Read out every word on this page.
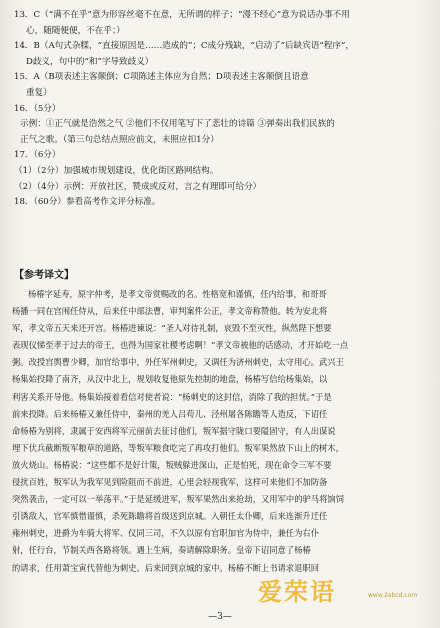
13．C（“满不在乎”意为形容丝毫不在意，无所谓的样子；“漫不经心”意为说话办事不用
心，随随便便，不在乎；）
14．B（A句式杂糅，“直接原因是……造成的”；C成分残缺，“启动了”后缺宾语“程序”，
D歧义，句中的“和”字导致歧义）
15．A（B项表述主客颠倒；C项陈述主体应为自然；D项表述主客颠倒且语意
重复）
16．（5分）
示例：①正气就是浩然之气 ②他们不仅用笔写下了悲壮的诗篇 ③弹奏出我们民族的
正气之歌。（第三句总结点照应前文，未照应扣1分）
17．（6分）
（1）（2分）加强城市规划建设，优化街区路网结构。
（2）（4分）示例：开放社区，赞成或反对，言之有理即可给分）
18．（60分）参看高考作文评分标准。
【参考译文】
杨椿字延寿，原字仲考，是孝文帝赏赐改的名。性格宽和谨慎，任内给事，和哥哥
杨播一同在宫闱任侍从，后来任中部法曹，审判案件公正，孝文帝称赞他。转为安北将
军，孝文帝五天来还开宫。杨椿进谏说：“圣人对待礼制，哀毁不至灭性，纵然陛下想要
表现仪悌至孝于过去的帝王，也得为国家社稷考虑啊！”孝文帝被他的话感动，才开始吃一点
粥。改授宫舆曹少卿，加官给事中，外任军州刺史，又调任为济州刺史，太守用心。武兴王
杨集始投降了南齐，从汉中北上，规划收复他原先控制的地盘，杨椿写信给杨集始，以
利害关系开导他。杨集始接着看信对使者说：“杨刺史的这封信，消除了我的担忧。”于是
前来投降。后来杨椿又兼任侍中，秦州的羌人吕苟儿、泾州屠各陈瞻等人造反，下诏任
命杨椿为别将，隶属于安西将军元丽前去征讨他们，叛军据守陇口要隘固守，有人出谋说
埋下伏兵截断叛军粮草的道路，等叛军粮食吃完了再攻打他们。叛军果然放下山上的树木，
放火烧山。杨椿说：“这些都不是好计策，叛贼躲进深山，正是怕死，现在命令三军不要
侵扰百姓，叛军认为我军见到险阻而不前进，心里会轻视我军，这样可来他们不加防备
突然袭击，一定可以一举荡平。”于是延缓进军，叛军果然出来抢劫，又用军中的驴马将饷饲
引诱敌人，官军慎惜谨慎，杀死陈瞻将首级送到京城。入朝任太仆卿，后来连渐升迁任
雍州刺史，进爵为车骑大将军、仪同三司，不久以原有官职加官为侍中，兼任为右仆
射，任行台，节制关西各路将领。遇上生病，奏请解除职务。皇帝下诏同意了杨椿
的请求，任用萧宝寅代替他为刺史。后来回到京城的家中。杨椿不断上书请求退职回
爱荣语	www.2abcd.com
—3—
